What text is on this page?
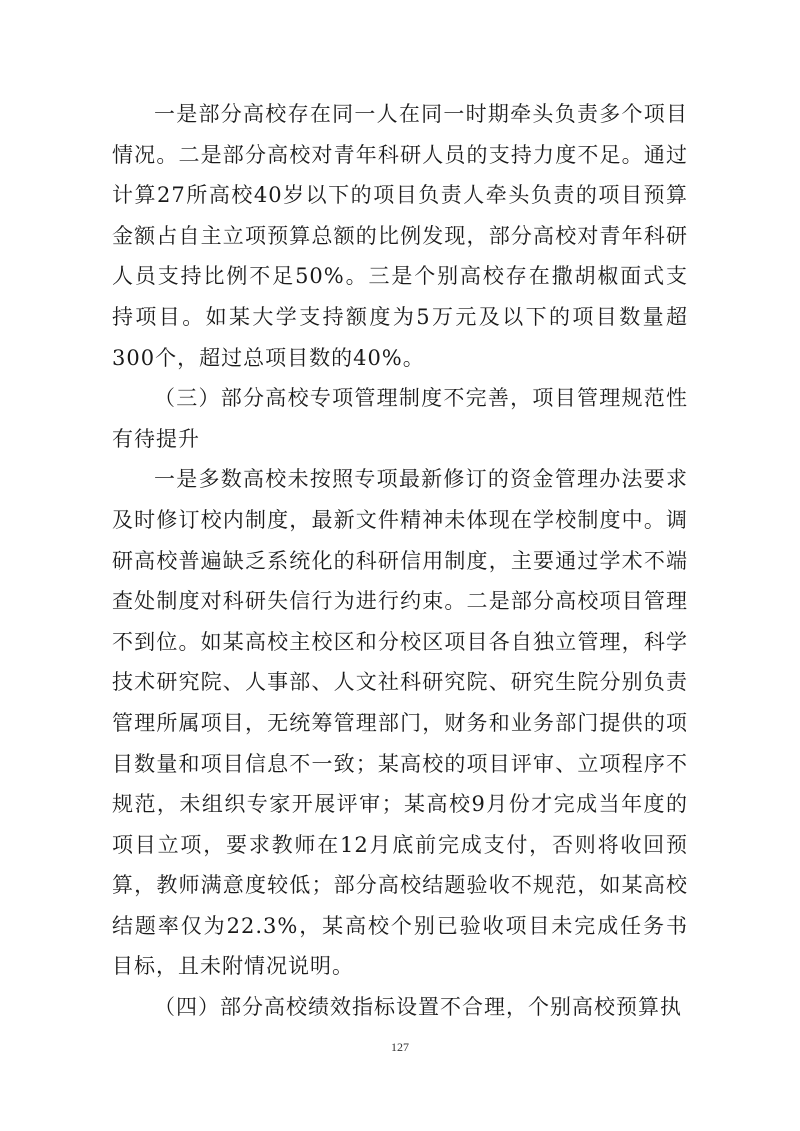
一是部分高校存在同一人在同一时期牵头负责多个项目情况。二是部分高校对青年科研人员的支持力度不足。通过计算27所高校40岁以下的项目负责人牵头负责的项目预算金额占自主立项预算总额的比例发现，部分高校对青年科研人员支持比例不足50%。三是个别高校存在撒胡椒面式支持项目。如某大学支持额度为5万元及以下的项目数量超300个，超过总项目数的40%。

（三）部分高校专项管理制度不完善，项目管理规范性有待提升

一是多数高校未按照专项最新修订的资金管理办法要求及时修订校内制度，最新文件精神未体现在学校制度中。调研高校普遍缺乏系统化的科研信用制度，主要通过学术不端查处制度对科研失信行为进行约束。二是部分高校项目管理不到位。如某高校主校区和分校区项目各自独立管理，科学技术研究院、人事部、人文社科研究院、研究生院分别负责管理所属项目，无统筹管理部门，财务和业务部门提供的项目数量和项目信息不一致；某高校的项目评审、立项程序不规范，未组织专家开展评审；某高校9月份才完成当年度的项目立项，要求教师在12月底前完成支付，否则将收回预算，教师满意度较低；部分高校结题验收不规范，如某高校结题率仅为22.3%，某高校个别已验收项目未完成任务书目标，且未附情况说明。

（四）部分高校绩效指标设置不合理，个别高校预算执

127
